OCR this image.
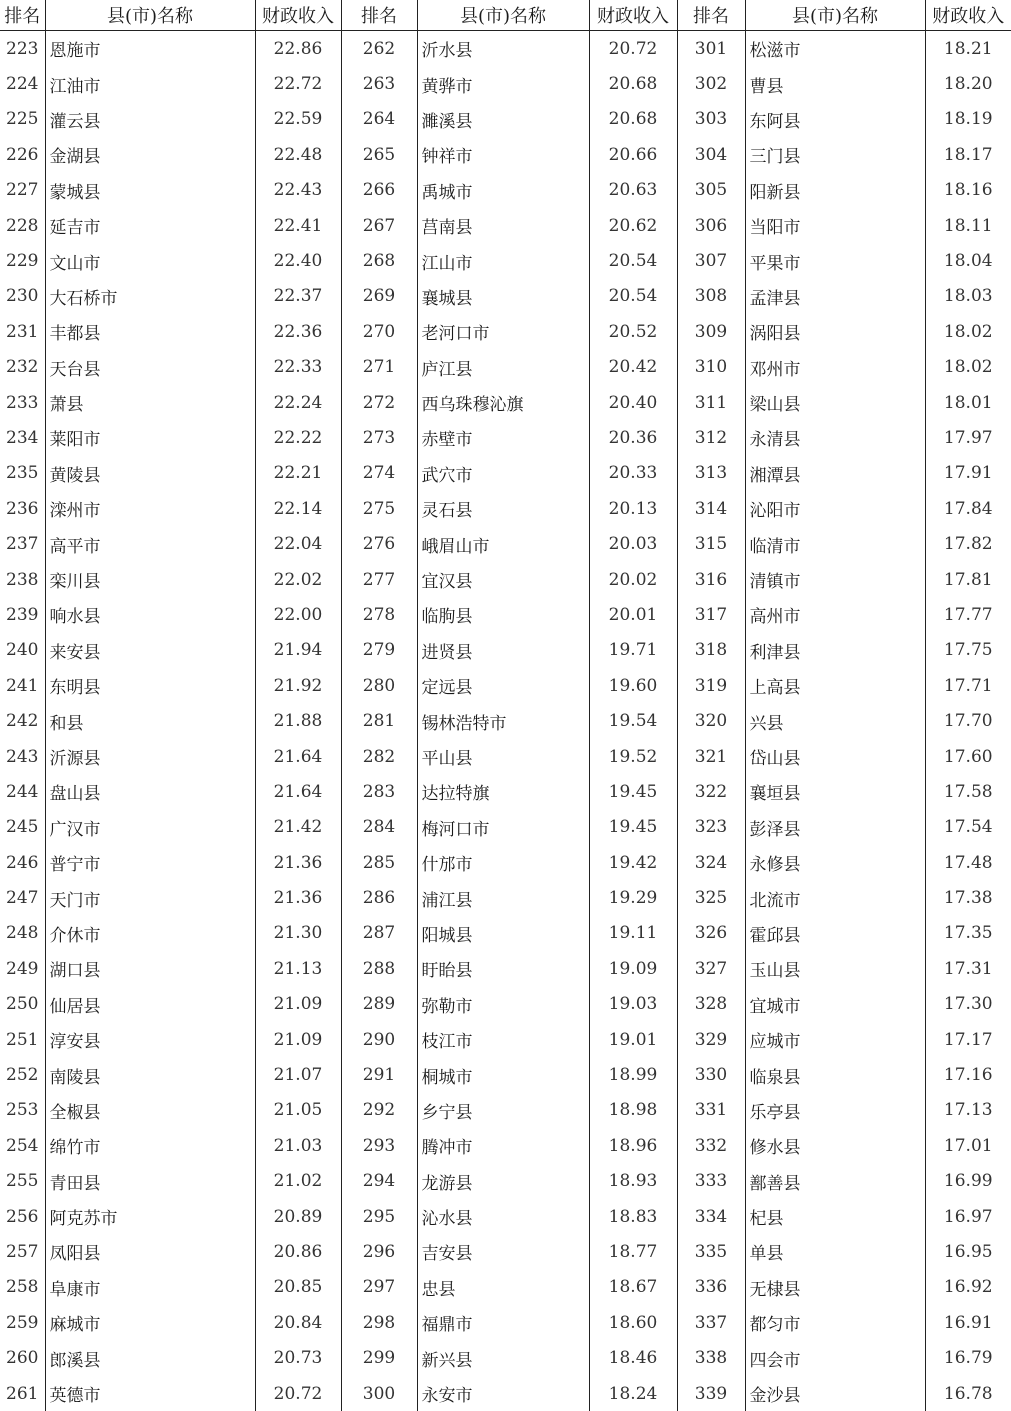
排名	县(市)名称	财政收入	排名	县(市)名称	财政收入	排名	县(市)名称	财政收入
223	恩施市	22.86	262	沂水县	20.72	301	松滋市	18.21
224	江油市	22.72	263	黄骅市	20.68	302	曹县	18.20
225	灌云县	22.59	264	濉溪县	20.68	303	东阿县	18.19
226	金湖县	22.48	265	钟祥市	20.66	304	三门县	18.17
227	蒙城县	22.43	266	禹城市	20.63	305	阳新县	18.16
228	延吉市	22.41	267	莒南县	20.62	306	当阳市	18.11
229	文山市	22.40	268	江山市	20.54	307	平果市	18.04
230	大石桥市	22.37	269	襄城县	20.54	308	孟津县	18.03
231	丰都县	22.36	270	老河口市	20.52	309	涡阳县	18.02
232	天台县	22.33	271	庐江县	20.42	310	邓州市	18.02
233	萧县	22.24	272	西乌珠穆沁旗	20.40	311	梁山县	18.01
234	莱阳市	22.22	273	赤壁市	20.36	312	永清县	17.97
235	黄陵县	22.21	274	武穴市	20.33	313	湘潭县	17.91
236	滦州市	22.14	275	灵石县	20.13	314	沁阳市	17.84
237	高平市	22.04	276	峨眉山市	20.03	315	临清市	17.82
238	栾川县	22.02	277	宜汉县	20.02	316	清镇市	17.81
239	响水县	22.00	278	临朐县	20.01	317	高州市	17.77
240	来安县	21.94	279	进贤县	19.71	318	利津县	17.75
241	东明县	21.92	280	定远县	19.60	319	上高县	17.71
242	和县	21.88	281	锡林浩特市	19.54	320	兴县	17.70
243	沂源县	21.64	282	平山县	19.52	321	岱山县	17.60
244	盘山县	21.64	283	达拉特旗	19.45	322	襄垣县	17.58
245	广汉市	21.42	284	梅河口市	19.45	323	彭泽县	17.54
246	普宁市	21.36	285	什邡市	19.42	324	永修县	17.48
247	天门市	21.36	286	浦江县	19.29	325	北流市	17.38
248	介休市	21.30	287	阳城县	19.11	326	霍邱县	17.35
249	湖口县	21.13	288	盱眙县	19.09	327	玉山县	17.31
250	仙居县	21.09	289	弥勒市	19.03	328	宜城市	17.30
251	淳安县	21.09	290	枝江市	19.01	329	应城市	17.17
252	南陵县	21.07	291	桐城市	18.99	330	临泉县	17.16
253	全椒县	21.05	292	乡宁县	18.98	331	乐亭县	17.13
254	绵竹市	21.03	293	腾冲市	18.96	332	修水县	17.01
255	青田县	21.02	294	龙游县	18.93	333	鄯善县	16.99
256	阿克苏市	20.89	295	沁水县	18.83	334	杞县	16.97
257	凤阳县	20.86	296	吉安县	18.77	335	单县	16.95
258	阜康市	20.85	297	忠县	18.67	336	无棣县	16.92
259	麻城市	20.84	298	福鼎市	18.60	337	都匀市	16.91
260	郎溪县	20.73	299	新兴县	18.46	338	四会市	16.79
261	英德市	20.72	300	永安市	18.24	339	金沙县	16.78
